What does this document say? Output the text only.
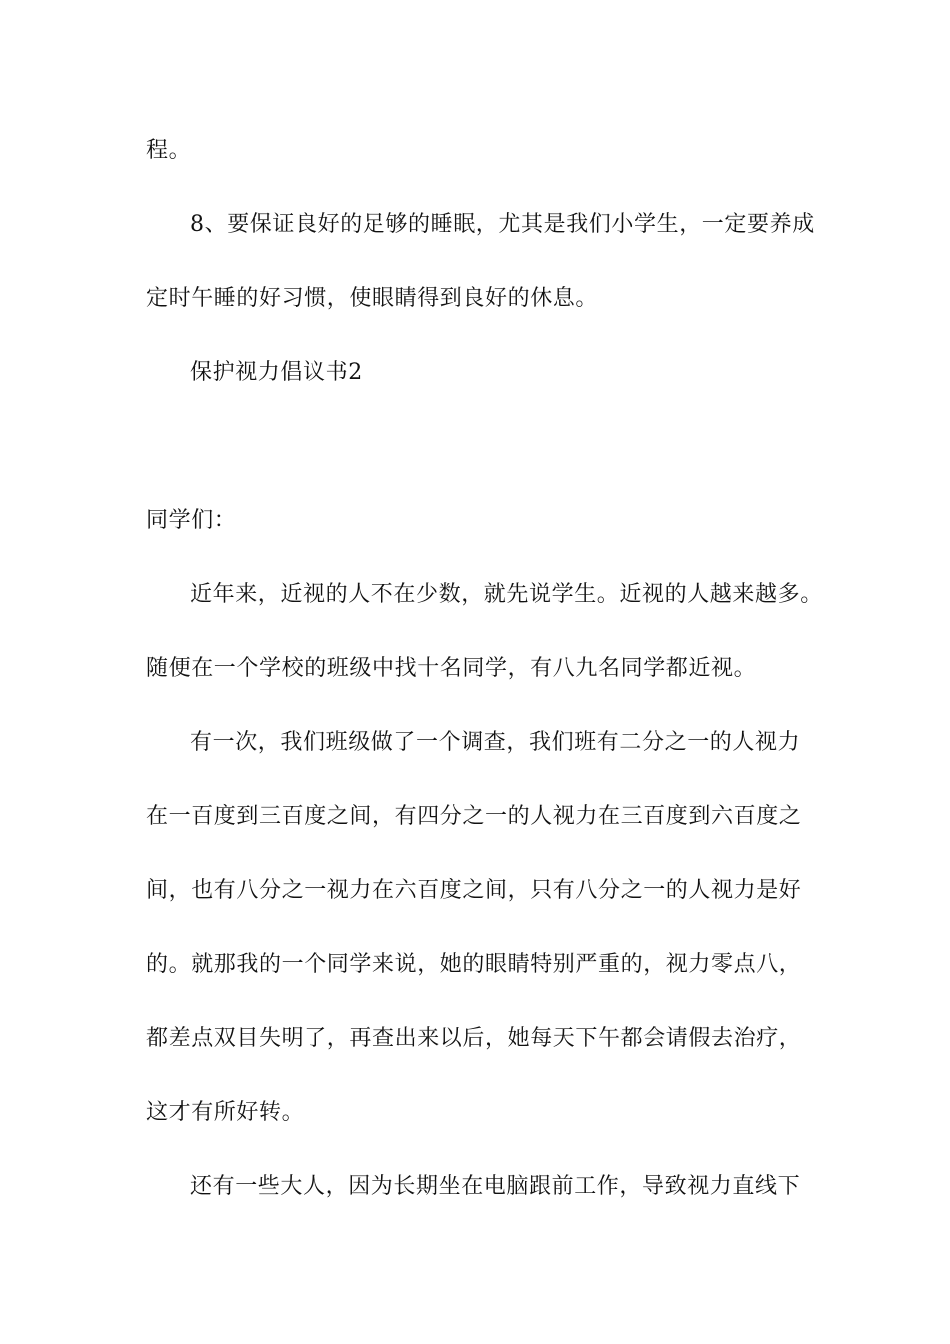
程。
8、要保证良好的足够的睡眠，尤其是我们小学生，一定要养成
定时午睡的好习惯，使眼睛得到良好的休息。
保护视力倡议书2
同学们：
近年来，近视的人不在少数，就先说学生。近视的人越来越多。
随便在一个学校的班级中找十名同学，有八九名同学都近视。
有一次，我们班级做了一个调查，我们班有二分之一的人视力
在一百度到三百度之间，有四分之一的人视力在三百度到六百度之
间，也有八分之一视力在六百度之间，只有八分之一的人视力是好
的。就那我的一个同学来说，她的眼睛特别严重的，视力零点八，
都差点双目失明了，再查出来以后，她每天下午都会请假去治疗，
这才有所好转。
还有一些大人，因为长期坐在电脑跟前工作，导致视力直线下
